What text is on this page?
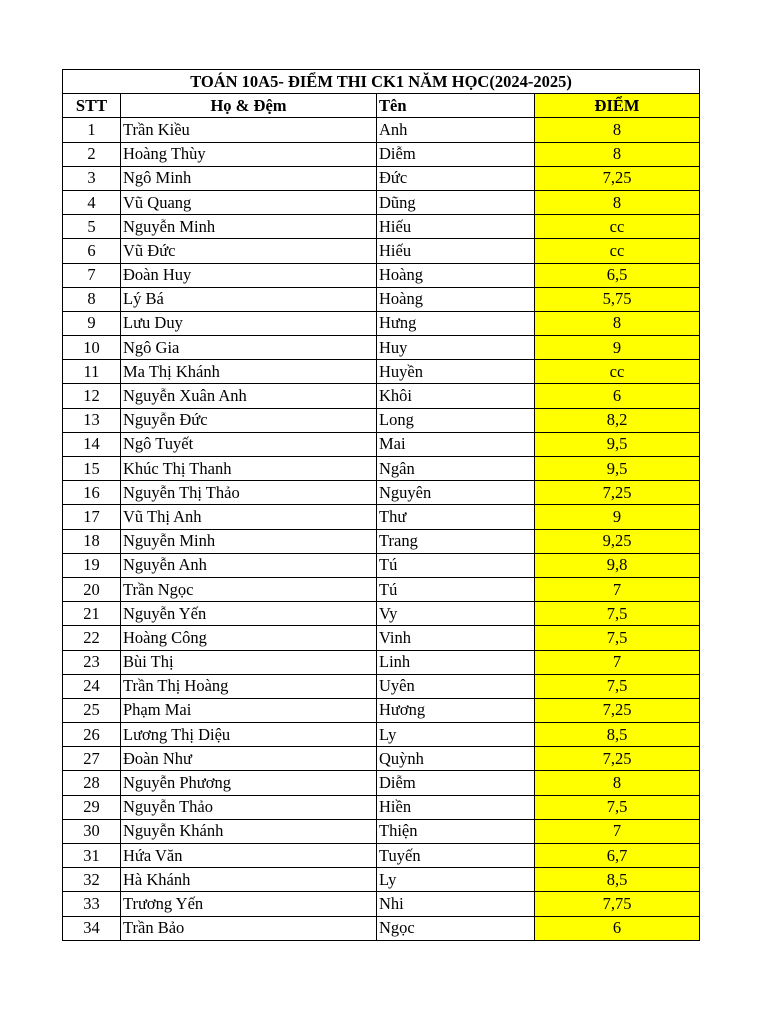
TOÁN 10A5- ĐIỂM THI CK1 NĂM HỌC(2024-2025)			
STT	Họ & Đệm	Tên	ĐIỂM
1	Trần Kiều	Anh	8
2	Hoàng Thùy	Diễm	8
3	Ngô Minh	Đức	7,25
4	Vũ Quang	Dũng	8
5	Nguyễn Minh	Hiếu	cc
6	Vũ Đức	Hiếu	cc
7	Đoàn Huy	Hoàng	6,5
8	Lý Bá	Hoàng	5,75
9	Lưu Duy	Hưng	8
10	Ngô Gia	Huy	9
11	Ma Thị Khánh	Huyền	cc
12	Nguyễn Xuân Anh	Khôi	6
13	Nguyễn Đức	Long	8,2
14	Ngô Tuyết	Mai	9,5
15	Khúc Thị Thanh	Ngân	9,5
16	Nguyễn Thị Thảo	Nguyên	7,25
17	Vũ Thị Anh	Thư	9
18	Nguyễn Minh	Trang	9,25
19	Nguyễn Anh	Tú	9,8
20	Trần Ngọc	Tú	7
21	Nguyễn Yến	Vy	7,5
22	Hoàng Công	Vinh	7,5
23	Bùi Thị	Linh	7
24	Trần Thị Hoàng	Uyên	7,5
25	Phạm Mai	Hương	7,25
26	Lương Thị Diệu	Ly	8,5
27	Đoàn Như	Quỳnh	7,25
28	Nguyễn Phương	Diễm	8
29	Nguyễn Thảo	Hiền	7,5
30	Nguyễn Khánh	Thiện	7
31	Hứa Văn	Tuyến	6,7
32	Hà Khánh	Ly	8,5
33	Trương Yến	Nhi	7,75
34	Trần Bảo	Ngọc	6
